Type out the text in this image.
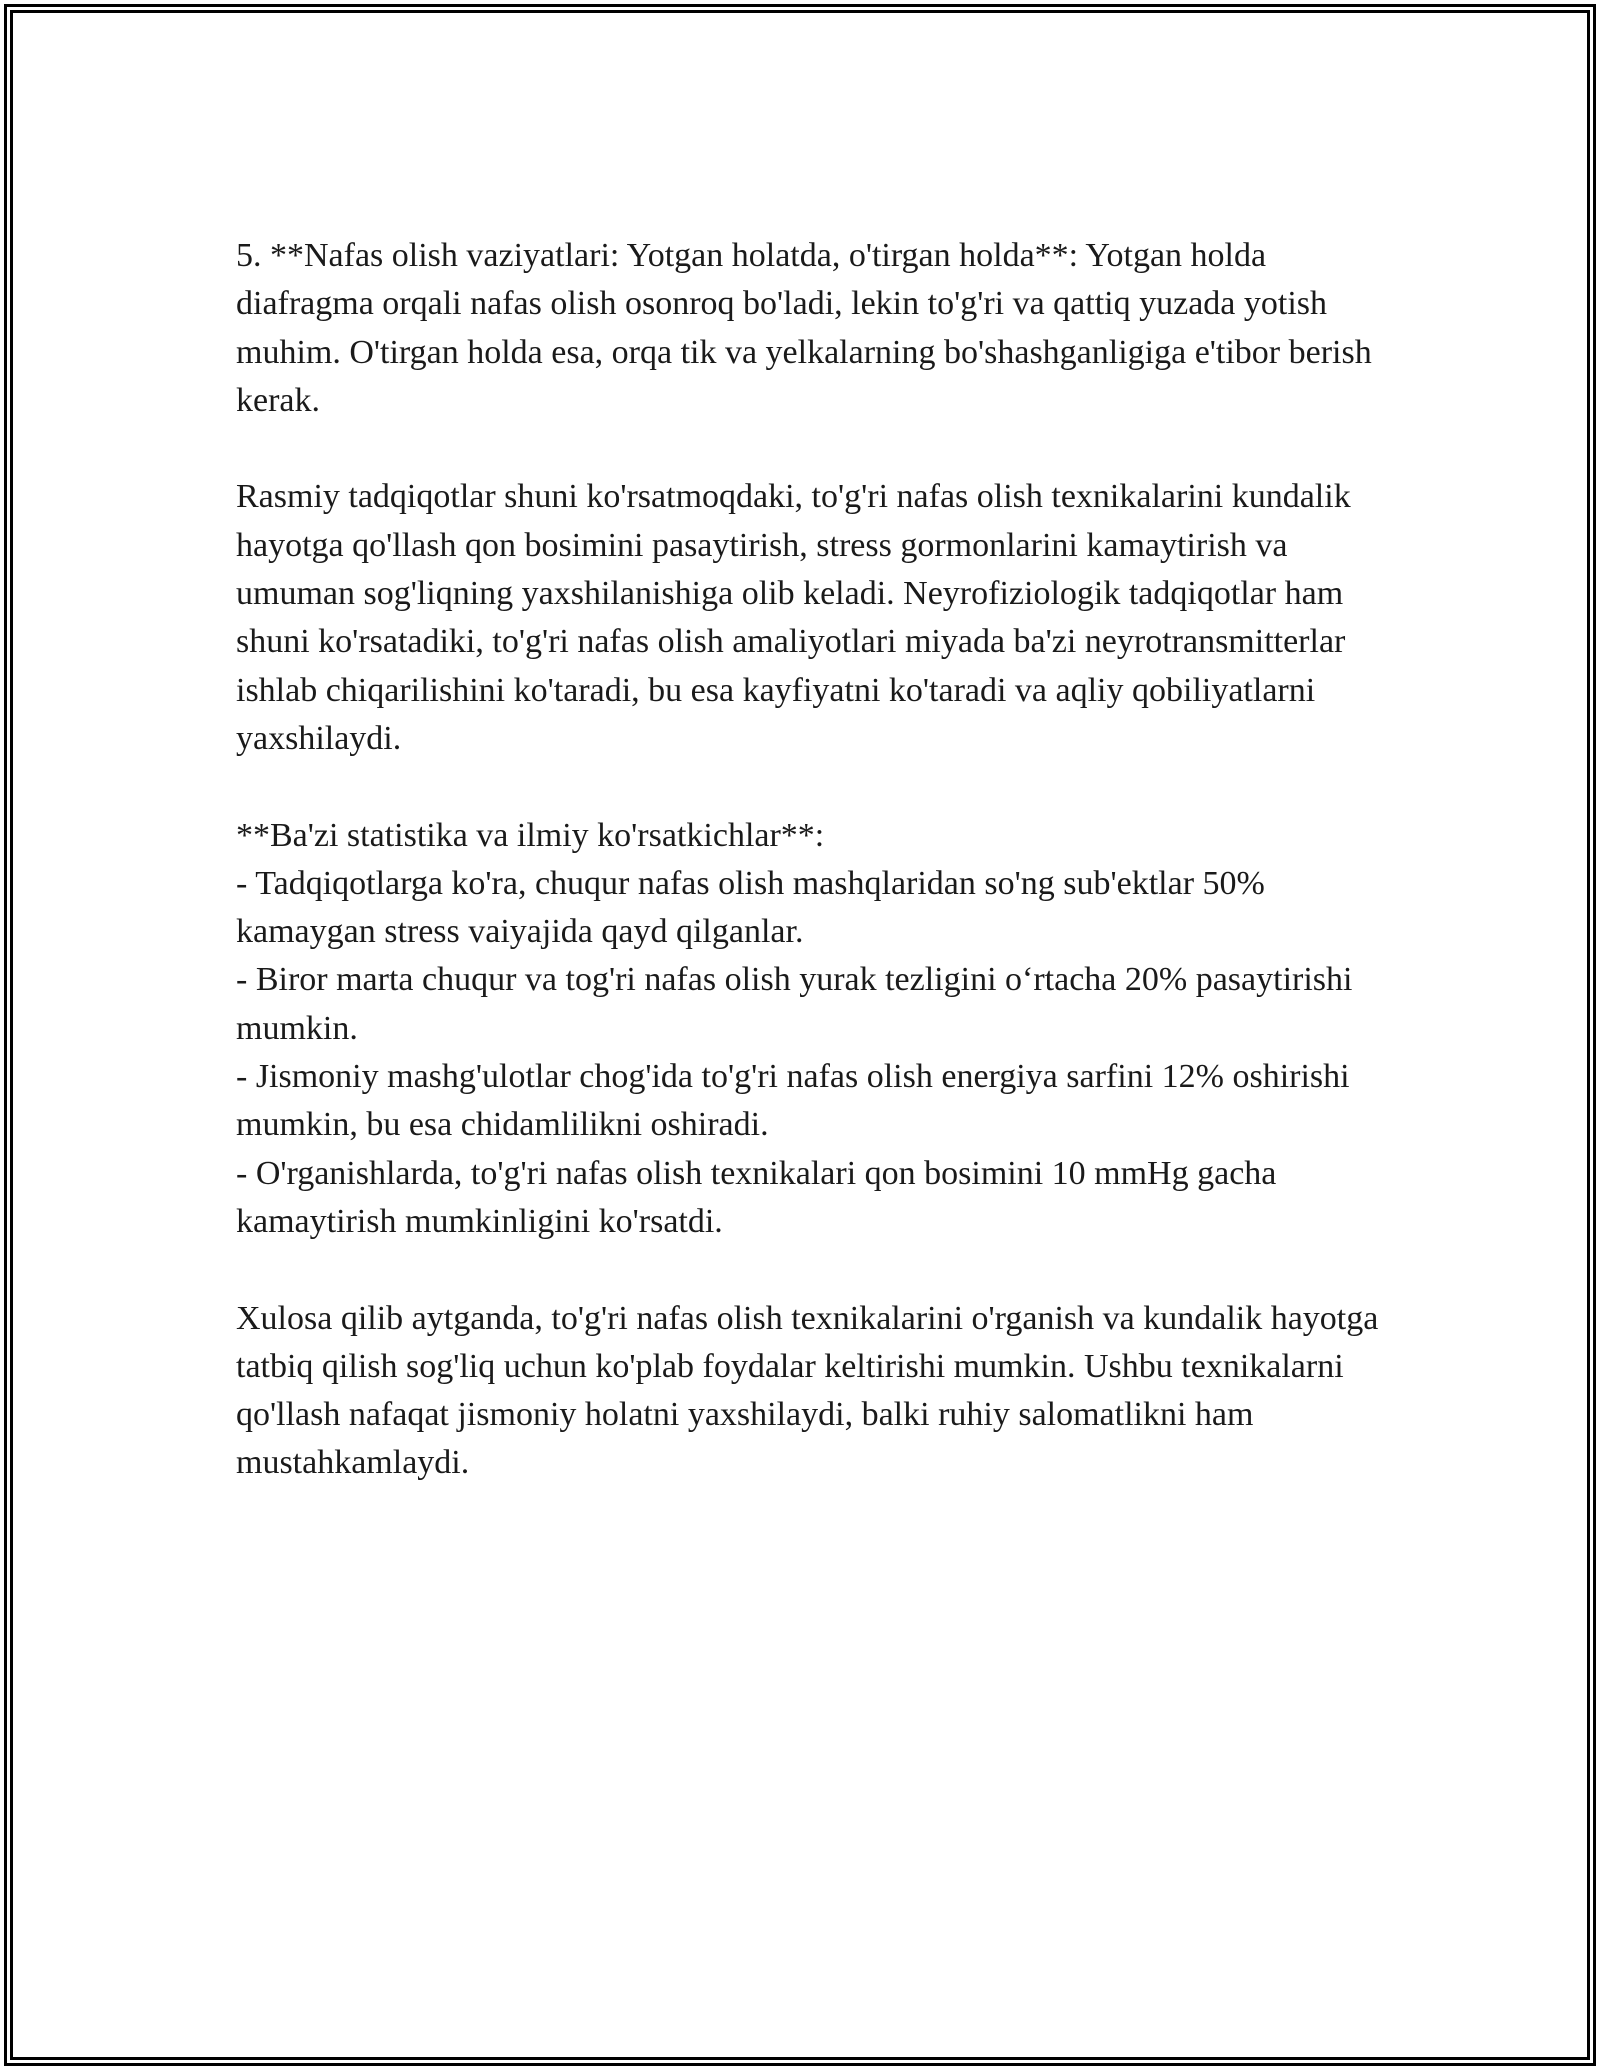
5. **Nafas olish vaziyatlari: Yotgan holatda, o'tirgan holda**: Yotgan holda diafragma orqali nafas olish osonroq bo'ladi, lekin to'g'ri va qattiq yuzada yotish muhim. O'tirgan holda esa, orqa tik va yelkalarning bo'shashganligiga e'tibor berish kerak.

Rasmiy tadqiqotlar shuni ko'rsatmoqdaki, to'g'ri nafas olish texnikalarini kundalik hayotga qo'llash qon bosimini pasaytirish, stress gormonlarini kamaytirish va umuman sog'liqning yaxshilanishiga olib keladi. Neyrofiziologik tadqiqotlar ham shuni ko'rsatadiki, to'g'ri nafas olish amaliyotlari miyada ba'zi neyrotransmitterlar ishlab chiqarilishini ko'taradi, bu esa kayfiyatni ko'taradi va aqliy qobiliyatlarni yaxshilaydi.

**Ba'zi statistika va ilmiy ko'rsatkichlar**:
- Tadqiqotlarga ko'ra, chuqur nafas olish mashqlaridan so'ng sub'ektlar 50% kamaygan stress vaiyajida qayd qilganlar.
- Biror marta chuqur va tog'ri nafas olish yurak tezligini o‘rtacha 20% pasaytirishi mumkin.
- Jismoniy mashg'ulotlar chog'ida to'g'ri nafas olish energiya sarfini 12% oshirishi mumkin, bu esa chidamlilikni oshiradi.
- O'rganishlarda, to'g'ri nafas olish texnikalari qon bosimini 10 mmHg gacha kamaytirish mumkinligini ko'rsatdi.

Xulosa qilib aytganda, to'g'ri nafas olish texnikalarini o'rganish va kundalik hayotga tatbiq qilish sog'liq uchun ko'plab foydalar keltirishi mumkin. Ushbu texnikalarni qo'llash nafaqat jismoniy holatni yaxshilaydi, balki ruhiy salomatlikni ham mustahkamlaydi.
